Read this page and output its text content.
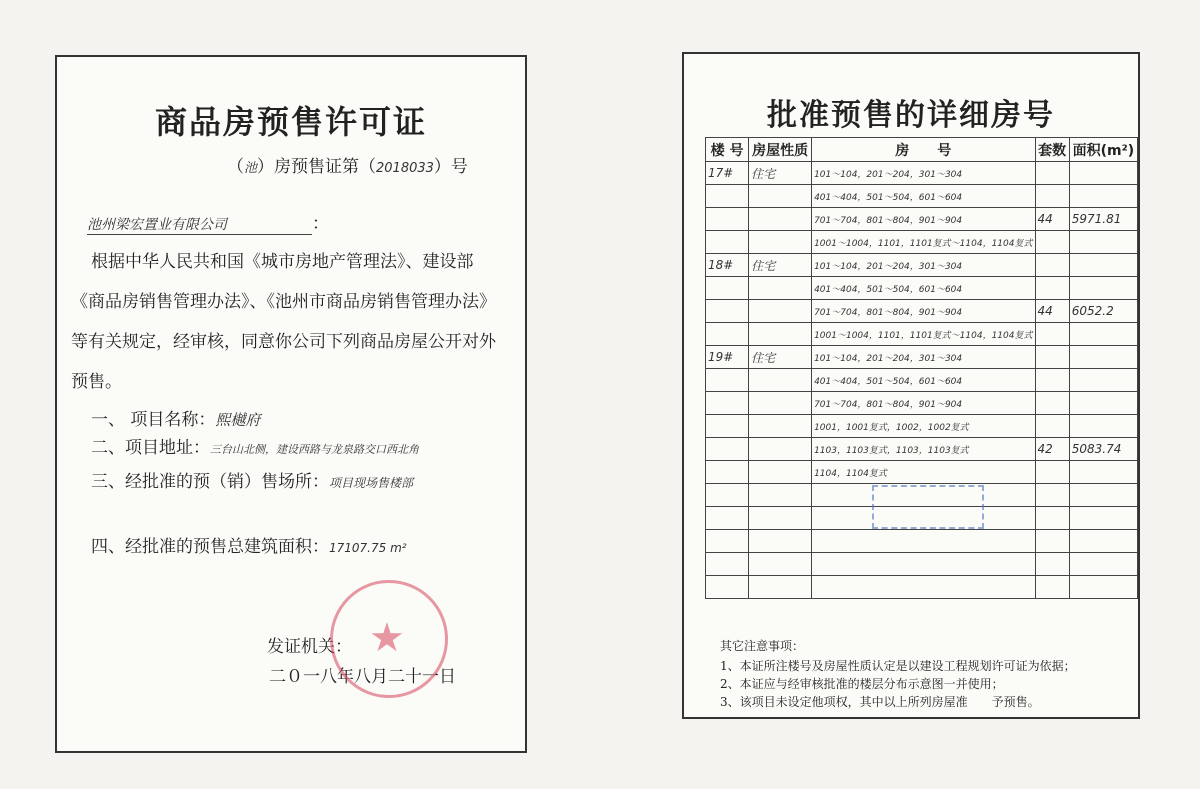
商品房预售许可证
（池）房预售证第（2018033）号
池州梁宏置业有限公司	：
根据中华人民共和国《城市房地产管理法》、建设部
《商品房销售管理办法》、《池州市商品房销售管理办法》
等有关规定，经审核，同意你公司下列商品房屋公开对外
预售。
一、 项目名称：熙樾府
二、项目地址：三台山北侧，建设西路与龙泉路交口西北角
三、经批准的预（销）售场所：项目现场售楼部
四、经批准的预售总建筑面积：17107.75 m²
发证机关：
二０一八年八月二十一日
★
批准预售的详细房号
楼 号	房屋性质	房　　号	套数	面积(m²)
17#	住宅	101～104，201～204，301～304		
		401～404，501～504，601～604		
		701～704，801～804，901～904	44	5971.81
		1001～1004，1101，1101复式～1104，1104复式		
18#	住宅	101～104，201～204，301～304		
		401～404，501～504，601～604		
		701～704，801～804，901～904	44	6052.2
		1001～1004，1101，1101复式～1104，1104复式		
19#	住宅	101～104，201～204，301～304		
		401～404，501～504，601～604		
		701～704，801～804，901～904		
		1001，1001复式，1002，1002复式		
		1103，1103复式，1103，1103复式	42	5083.74
		1104，1104复式		

其它注意事项：
1、本证所注楼号及房屋性质认定是以建设工程规划许可证为依据；
2、本证应与经审核批准的楼层分布示意图一并使用；
3、该项目未设定他项权，其中以上所列房屋准　　予预售。
